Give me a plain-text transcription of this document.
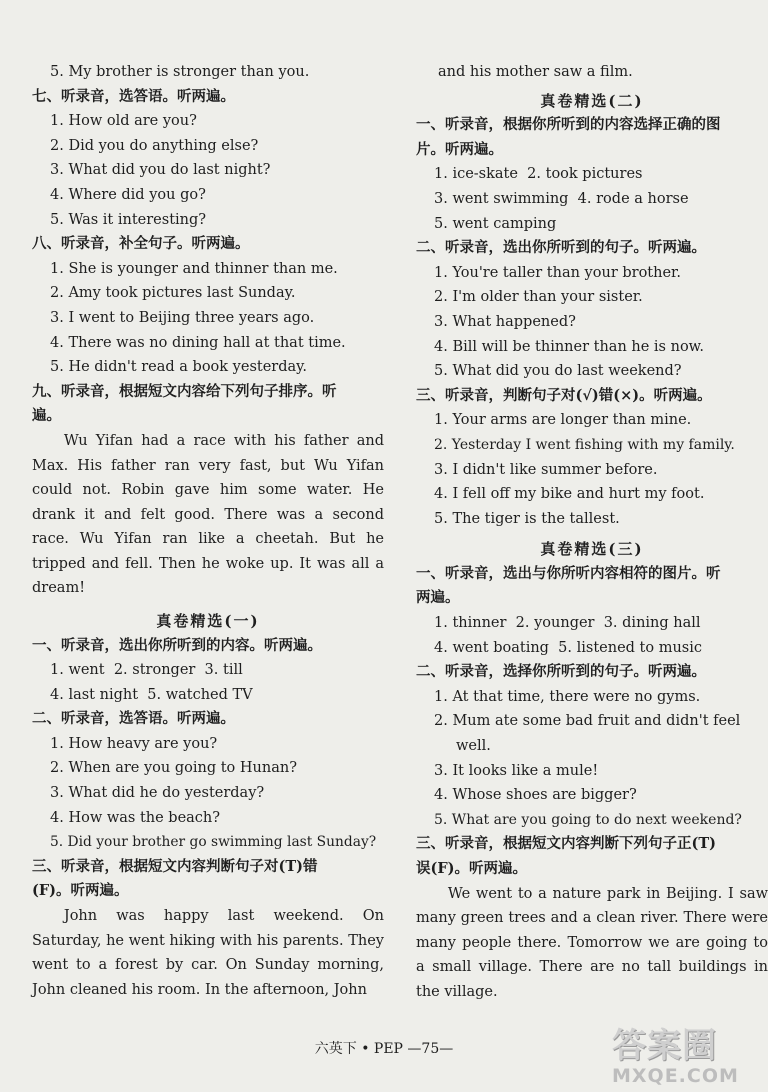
5. My brother is stronger than you.
七、听录音，选答语。听两遍。
1. How old are you?
2. Did you do anything else?
3. What did you do last night?
4. Where did you go?
5. Was it interesting?
八、听录音，补全句子。听两遍。
1. She is younger and thinner than me.
2. Amy took pictures last Sunday.
3. I went to Beijing three years ago.
4. There was no dining hall at that time.
5. He didn't read a book yesterday.
九、听录音，根据短文内容给下列句子排序。听
遍。
Wu Yifan had a race with his father and Max. His father ran very fast, but Wu Yifan could not. Robin gave him some water. He drank it and felt good. There was a second race. Wu Yifan ran like a cheetah. But he tripped and fell. Then he woke up. It was all a dream!
真卷精选(一)
一、听录音，选出你所听到的内容。听两遍。
1. went  2. stronger  3. till
4. last night  5. watched TV
二、听录音，选答语。听两遍。
1. How heavy are you?
2. When are you going to Hunan?
3. What did he do yesterday?
4. How was the beach?
5. Did your brother go swimming last Sunday?
三、听录音，根据短文内容判断句子对(T)错
(F)。听两遍。
John was happy last weekend. On Saturday, he went hiking with his parents. They went to a forest by car. On Sunday morning, John cleaned his room. In the afternoon, John
and his mother saw a film.
真卷精选(二)
一、听录音，根据你所听到的内容选择正确的图
片。听两遍。
1. ice-skate  2. took pictures
3. went swimming  4. rode a horse
5. went camping
二、听录音，选出你所听到的句子。听两遍。
1. You're taller than your brother.
2. I'm older than your sister.
3. What happened?
4. Bill will be thinner than he is now.
5. What did you do last weekend?
三、听录音，判断句子对(√)错(×)。听两遍。
1. Your arms are longer than mine.
2. Yesterday I went fishing with my family.
3. I didn't like summer before.
4. I fell off my bike and hurt my foot.
5. The tiger is the tallest.
真卷精选(三)
一、听录音，选出与你所听内容相符的图片。听
两遍。
1. thinner  2. younger  3. dining hall
4. went boating  5. listened to music
二、听录音，选择你所听到的句子。听两遍。
1. At that time, there were no gyms.
2. Mum ate some bad fruit and didn't feel
well.
3. It looks like a mule!
4. Whose shoes are bigger?
5. What are you going to do next weekend?
三、听录音，根据短文内容判断下列句子正(T)
误(F)。听两遍。
We went to a nature park in Beijing. I saw many green trees and a clean river. There were many people there. Tomorrow we are going to a small village. There are no tall buildings in the village.
六英下 • PEP —75—	答案圈
MXQE.COM
